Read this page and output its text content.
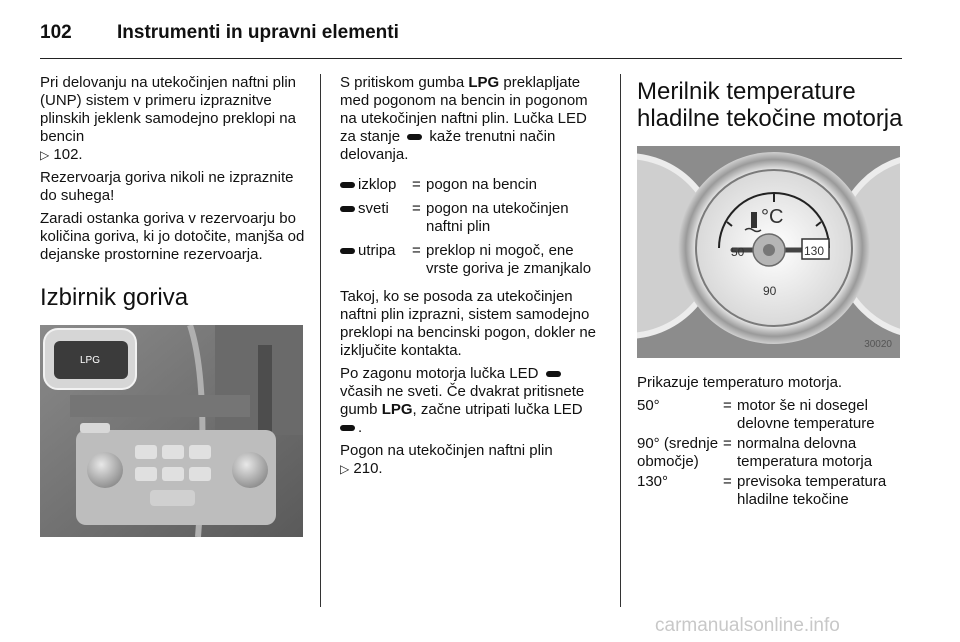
102 Instrumenti in upravni elementi

Pri delovanju na utekočinjen naftni plin (UNP) sistem v primeru izpraznitve plinskih jeklenk samodejno preklopi na bencin
▷ 102.

Rezervoarja goriva nikoli ne izpraznite do suhega!

Zaradi ostanka goriva v rezervoarju bo količina goriva, ki jo dotočite, manjša od dejanske prostornine rezervoarja.

Izbirnik goriva
LPG

S pritiskom gumba LPG preklapljate med pogonom na bencin in pogonom na utekočinjen naftni plin. Lučka LED za stanje kaže trenutni način delovanja.

izklop	= pogon na bencin
sveti	= pogon na utekočinjen naftni plin
utripa	= preklop ni mogoč, ene vrste goriva je zmanjkalo

Takoj, ko se posoda za utekočinjen naftni plin izprazni, sistem samodejno preklopi na bencinski pogon, dokler ne izključite kontakta.

Po zagonu motorja lučka LED  včasih ne sveti. Če dvakrat pritisnete gumb LPG, začne utripati lučka LED
.

Pogon na utekočinjen naftni plin
▷ 210.

Merilnik temperature hladilne tekočine motorja
°C
50	130
90
30020

Prikazuje temperaturo motorja.

50°	= motor še ni dosegel delovne temperature
90° (srednje območje)
= normalna delovna temperatura motorja
130°	= previsoka temperatura hladilne tekočine
carmanualsonline.info
